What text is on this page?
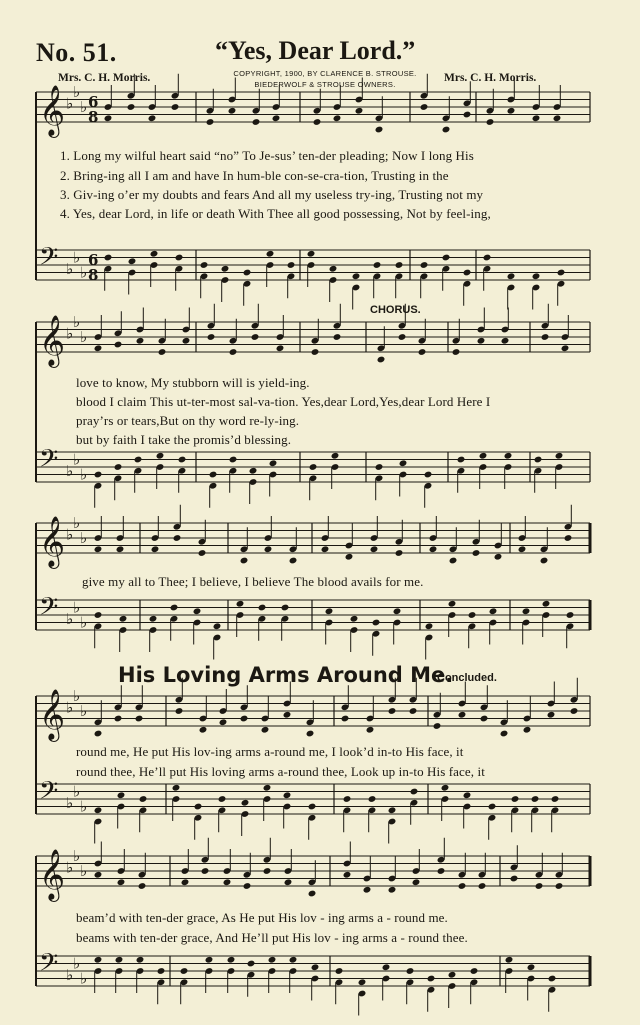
No. 51.	“Yes, Dear Lord.”
Mrs. C. H. Morris.	COPYRIGHT, 1900, BY CLARENCE B. STROUSE.
BIEDERWOLF & STROUSE OWNERS.
Mrs. C. H. Morris.
𝄞 ♭
♭
♭ 6
8
𝄢 ♭
♭
♭
6
8
𝄞 ♭
♭
♭
𝄢 ♭
♭
♭
𝄞 ♭
♭
♭
𝄢 ♭
♭
♭
𝄞 ♭
♭
♭
𝄢 ♭
♭
♭
𝄞 ♭
♭
♭
𝄢 ♭
♭
♭
CHORUS.
1. Long my wilful heart said “no” To Je-sus’ ten-der pleading; Now I long His
2. Bring-ing all I am and have In hum-ble con-se-cra-tion, Trusting in the
3. Giv-ing o’er my doubts and fears And all my useless try-ing, Trusting not my
4. Yes, dear Lord, in life or death With Thee all good possessing, Not by feel-ing,
love to know, My stubborn will is yield-ing.
blood I claim This ut-ter-most sal-va-tion. Yes,dear Lord,Yes,dear Lord Here I
pray’rs or tears,But on thy word re-ly-ing.
but by faith I take the promis’d blessing.
give my all to Thee; I believe, I believe The blood avails for me.
His Loving Arms Around Me.
Concluded.
round me, He put His lov-ing arms a-round me, I look’d in-to His face, it
round thee, He’ll put His loving arms a-round thee, Look up in-to His face, it
beam’d with ten-der grace, As He put His lov - ing arms a - round me.
beams with ten-der grace, And He’ll put His lov - ing arms a - round thee.
